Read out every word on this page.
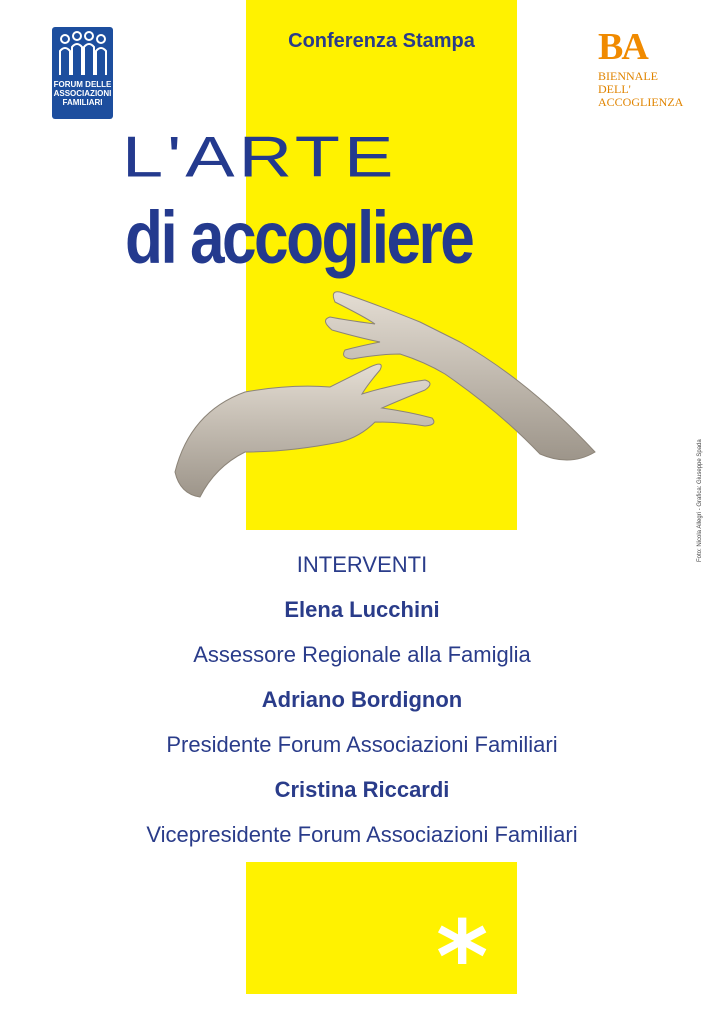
FORUM DELLE
ASSOCIAZIONI
FAMILIARI
Conferenza Stampa	BA
BIENNALE
DELL'
ACCOGLIENZA
L'ARTE
di accogliere
Foto: Nicola Allegri - Grafica: Giuseppe Spada
INTERVENTI
Elena Lucchini
Assessore Regionale alla Famiglia
Adriano Bordignon
Presidente Forum Associazioni Familiari
Cristina Riccardi
Vicepresidente Forum Associazioni Familiari
*
